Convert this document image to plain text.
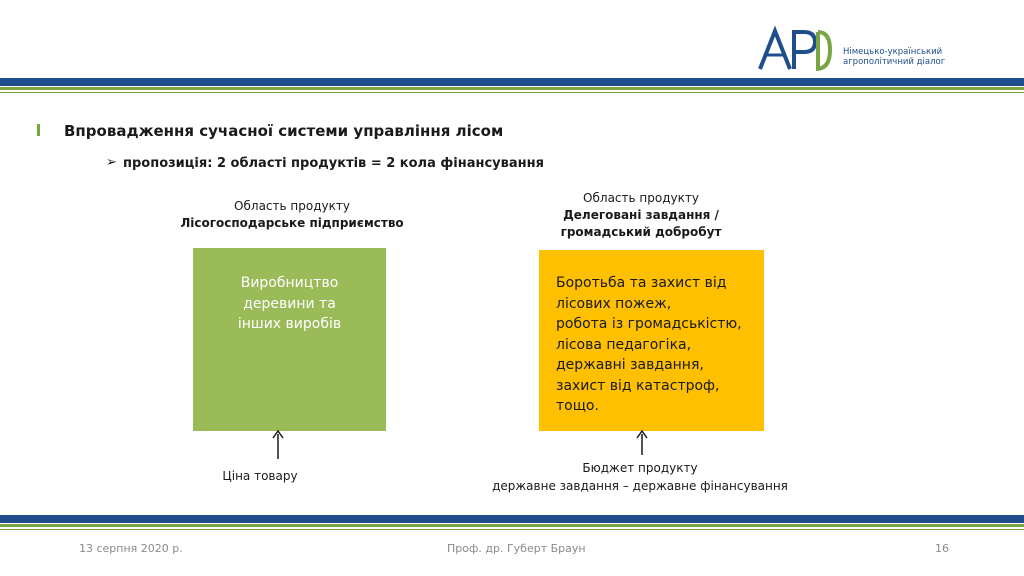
Німецько-український
агрополітичний діалог
Впровадження сучасної системи управління лісом
➢ пропозиція: 2 області продуктів = 2 кола фінансування
Область продукту
Лісогосподарське підприємство
Виробництво
деревини та
інших виробів
Ціна товару
Область продукту
Делеговані завдання /
громадський добробут
Боротьба та захист від
лісових пожеж,
робота із громадськістю,
лісова педагогіка,
державні завдання,
захист від катастроф,
тощо.
Бюджет продукту
державне завдання – державне фінансування
13 серпня 2020 р.	Проф. др. Губерт Браун	16
